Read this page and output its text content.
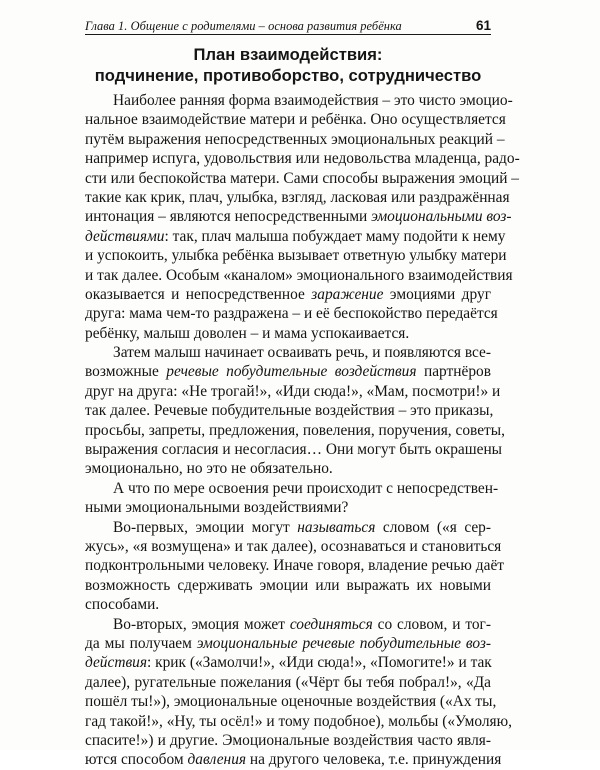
Глава 1. Общение с родителями – основа развития ребёнка	61
План взаимодействия:
подчинение, противоборство, сотрудничество
Наиболее ранняя форма взаимодействия – это чисто эмоцио-
нальное взаимодействие матери и ребёнка. Оно осуществляется
путём выражения непосредственных эмоциональных реакций –
например испуга, удовольствия или недовольства младенца, радо-
сти или беспокойства матери. Сами способы выражения эмоций –
такие как крик, плач, улыбка, взгляд, ласковая или раздражённая
интонация – являются непосредственными эмоциональными воз-
действиями: так, плач малыша побуждает маму подойти к нему
и успокоить, улыбка ребёнка вызывает ответную улыбку матери
и так далее. Особым «каналом» эмоционального взаимодействия
оказывается и непосредственное заражение эмоциями друг
друга: мама чем-то раздражена – и её беспокойство передаётся
ребёнку, малыш доволен – и мама успокаивается.
Затем малыш начинает осваивать речь, и появляются все-
возможные речевые побудительные воздействия партнёров
друг на друга: «Не трогай!», «Иди сюда!», «Мам, посмотри!» и
так далее. Речевые побудительные воздействия – это приказы,
просьбы, запреты, предложения, повеления, поручения, советы,
выражения согласия и несогласия… Они могут быть окрашены
эмоционально, но это не обязательно.
А что по мере освоения речи происходит с непосредствен-
ными эмоциональными воздействиями?
Во-первых, эмоции могут называться словом («я сер-
жусь», «я возмущена» и так далее), осознаваться и становиться
подконтрольными человеку. Иначе говоря, владение речью даёт
возможность сдерживать эмоции или выражать их новыми
способами.
Во-вторых, эмоция может соединяться со словом, и тог-
да мы получаем эмоциональные речевые побудительные воз-
действия: крик («Замолчи!», «Иди сюда!», «Помогите!» и так
далее), ругательные пожелания («Чёрт бы тебя побрал!», «Да
пошёл ты!»), эмоциональные оценочные воздействия («Ах ты,
гад такой!», «Ну, ты осёл!» и тому подобное), мольбы («Умоляю,
спасите!») и другие. Эмоциональные воздействия часто явля-
ются способом давления на другого человека, т.е. принуждения
